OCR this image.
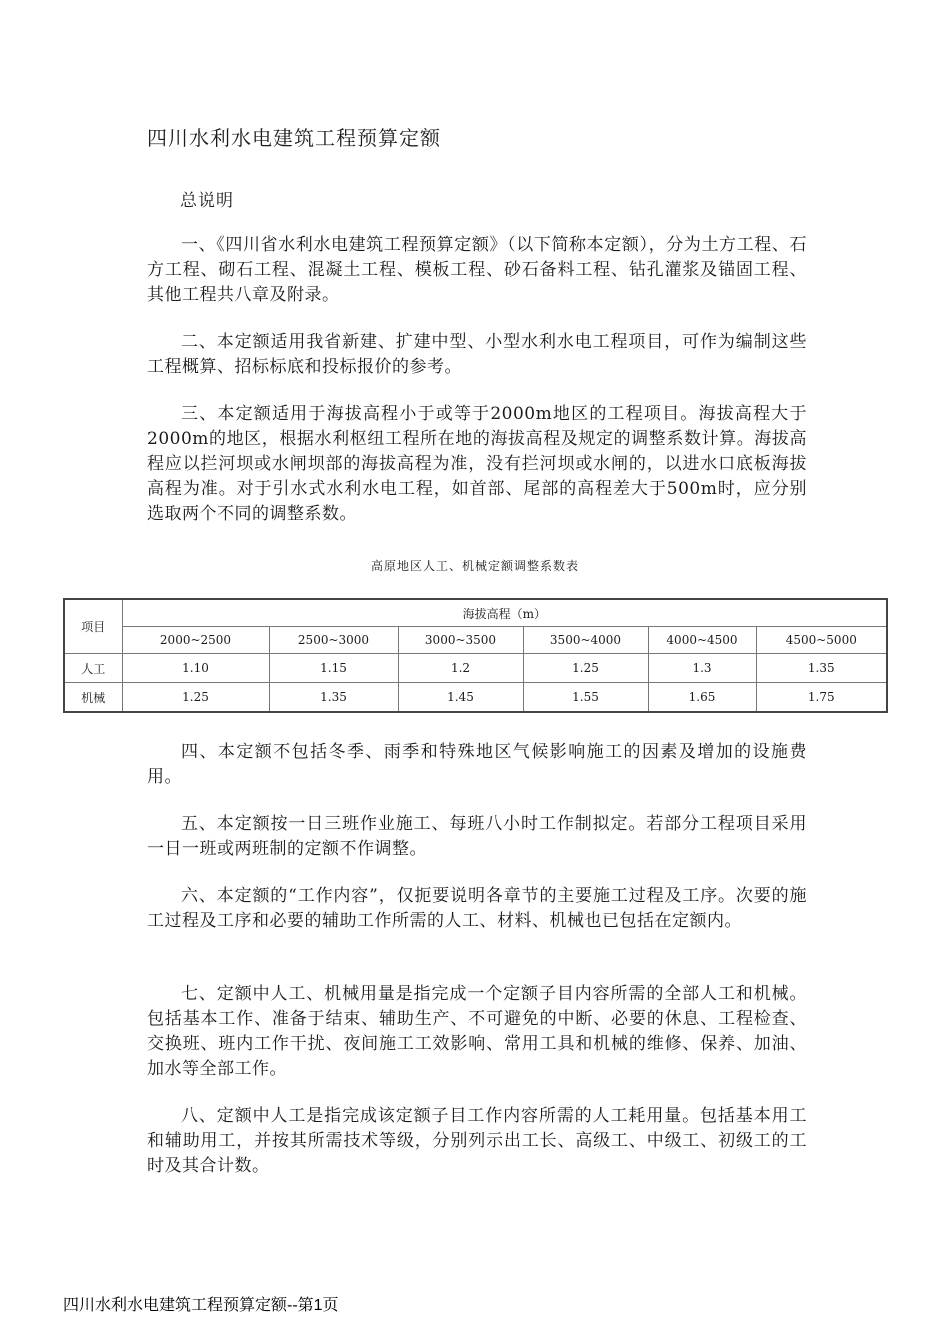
四川水利水电建筑工程预算定额
总说明

一、《四川省水利水电建筑工程预算定额》（以下简称本定额），分为土方工程、石方工程、砌石工程、混凝土工程、模板工程、砂石备料工程、钻孔灌浆及锚固工程、其他工程共八章及附录。

二、本定额适用我省新建、扩建中型、小型水利水电工程项目，可作为编制这些工程概算、招标标底和投标报价的参考。

三、本定额适用于海拔高程小于或等于2000m地区的工程项目。海拔高程大于2000m的地区，根据水利枢纽工程所在地的海拔高程及规定的调整系数计算。海拔高程应以拦河坝或水闸坝部的海拔高程为准，没有拦河坝或水闸的，以进水口底板海拔高程为准。对于引水式水利水电工程，如首部、尾部的高程差大于500m时，应分别选取两个不同的调整系数。

高原地区人工、机械定额调整系数表
项目	海拔高程（m）					
	2000~2500	2500~3000	3000~3500	3500~4000	4000~4500	4500~5000
人工	1.10	1.15	1.2	1.25	1.3	1.35
机械	1.25	1.35	1.45	1.55	1.65	1.75

四、本定额不包括冬季、雨季和特殊地区气候影响施工的因素及增加的设施费用。

五、本定额按一日三班作业施工、每班八小时工作制拟定。若部分工程项目采用一日一班或两班制的定额不作调整。

六、本定额的“工作内容”，仅扼要说明各章节的主要施工过程及工序。次要的施工过程及工序和必要的辅助工作所需的人工、材料、机械也已包括在定额内。

七、定额中人工、机械用量是指完成一个定额子目内容所需的全部人工和机械。包括基本工作、准备于结束、辅助生产、不可避免的中断、必要的休息、工程检查、交换班、班内工作干扰、夜间施工工效影响、常用工具和机械的维修、保养、加油、加水等全部工作。

八、定额中人工是指完成该定额子目工作内容所需的人工耗用量。包括基本用工和辅助用工，并按其所需技术等级，分别列示出工长、高级工、中级工、初级工的工时及其合计数。

四川水利水电建筑工程预算定额--第1页
